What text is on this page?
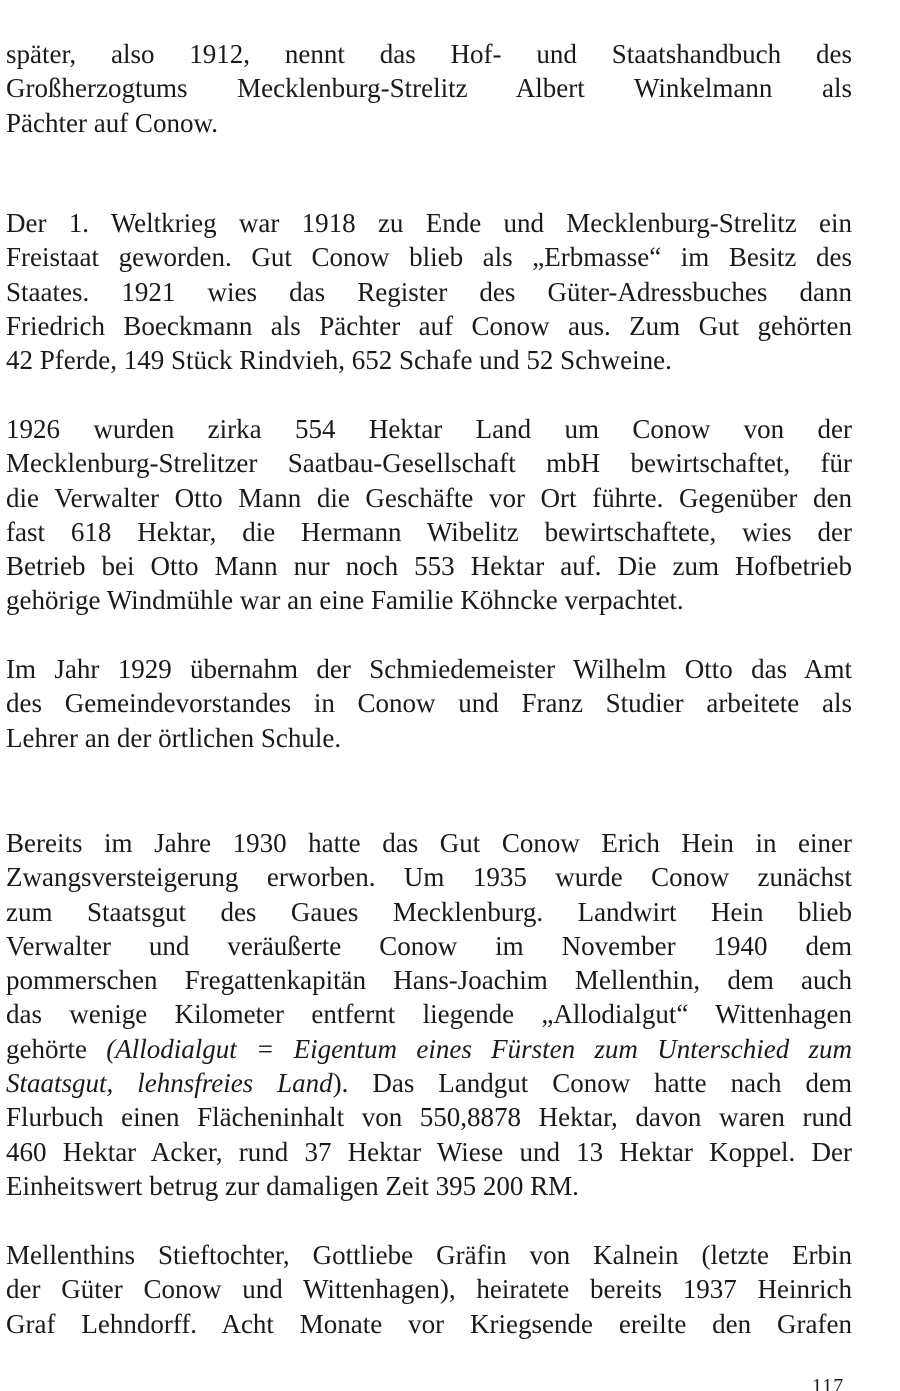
später, also 1912, nennt das Hof- und Staatshandbuch des
Großherzogtums Mecklenburg-Strelitz Albert Winkelmann als
Pächter auf Conow.
Der 1. Weltkrieg war 1918 zu Ende und Mecklenburg-Strelitz ein
Freistaat geworden. Gut Conow blieb als „Erbmasse“ im Besitz des
Staates. 1921 wies das Register des Güter-Adressbuches dann
Friedrich Boeckmann als Pächter auf Conow aus. Zum Gut gehörten
42 Pferde, 149 Stück Rindvieh, 652 Schafe und 52 Schweine.
1926 wurden zirka 554 Hektar Land um Conow von der
Mecklenburg-Strelitzer Saatbau-Gesellschaft mbH bewirtschaftet, für
die Verwalter Otto Mann die Geschäfte vor Ort führte. Gegenüber den
fast 618 Hektar, die Hermann Wibelitz bewirtschaftete, wies der
Betrieb bei Otto Mann nur noch 553 Hektar auf. Die zum Hofbetrieb
gehörige Windmühle war an eine Familie Köhncke verpachtet.
Im Jahr 1929 übernahm der Schmiedemeister Wilhelm Otto das Amt
des Gemeindevorstandes in Conow und Franz Studier arbeitete als
Lehrer an der örtlichen Schule.
Bereits im Jahre 1930 hatte das Gut Conow Erich Hein in einer
Zwangsversteigerung erworben. Um 1935 wurde Conow zunächst
zum Staatsgut des Gaues Mecklenburg. Landwirt Hein blieb
Verwalter und veräußerte Conow im November 1940 dem
pommerschen Fregattenkapitän Hans-Joachim Mellenthin, dem auch
das wenige Kilometer entfernt liegende „Allodialgut“ Wittenhagen
gehörte (Allodialgut = Eigentum eines Fürsten zum Unterschied zum
Staatsgut, lehnsfreies Land). Das Landgut Conow hatte nach dem
Flurbuch einen Flächeninhalt von 550,8878 Hektar, davon waren rund
460 Hektar Acker, rund 37 Hektar Wiese und 13 Hektar Koppel. Der
Einheitswert betrug zur damaligen Zeit 395 200 RM.
Mellenthins Stieftochter, Gottliebe Gräfin von Kalnein (letzte Erbin
der Güter Conow und Wittenhagen), heiratete bereits 1937 Heinrich
Graf Lehndorff. Acht Monate vor Kriegsende ereilte den Grafen
117
